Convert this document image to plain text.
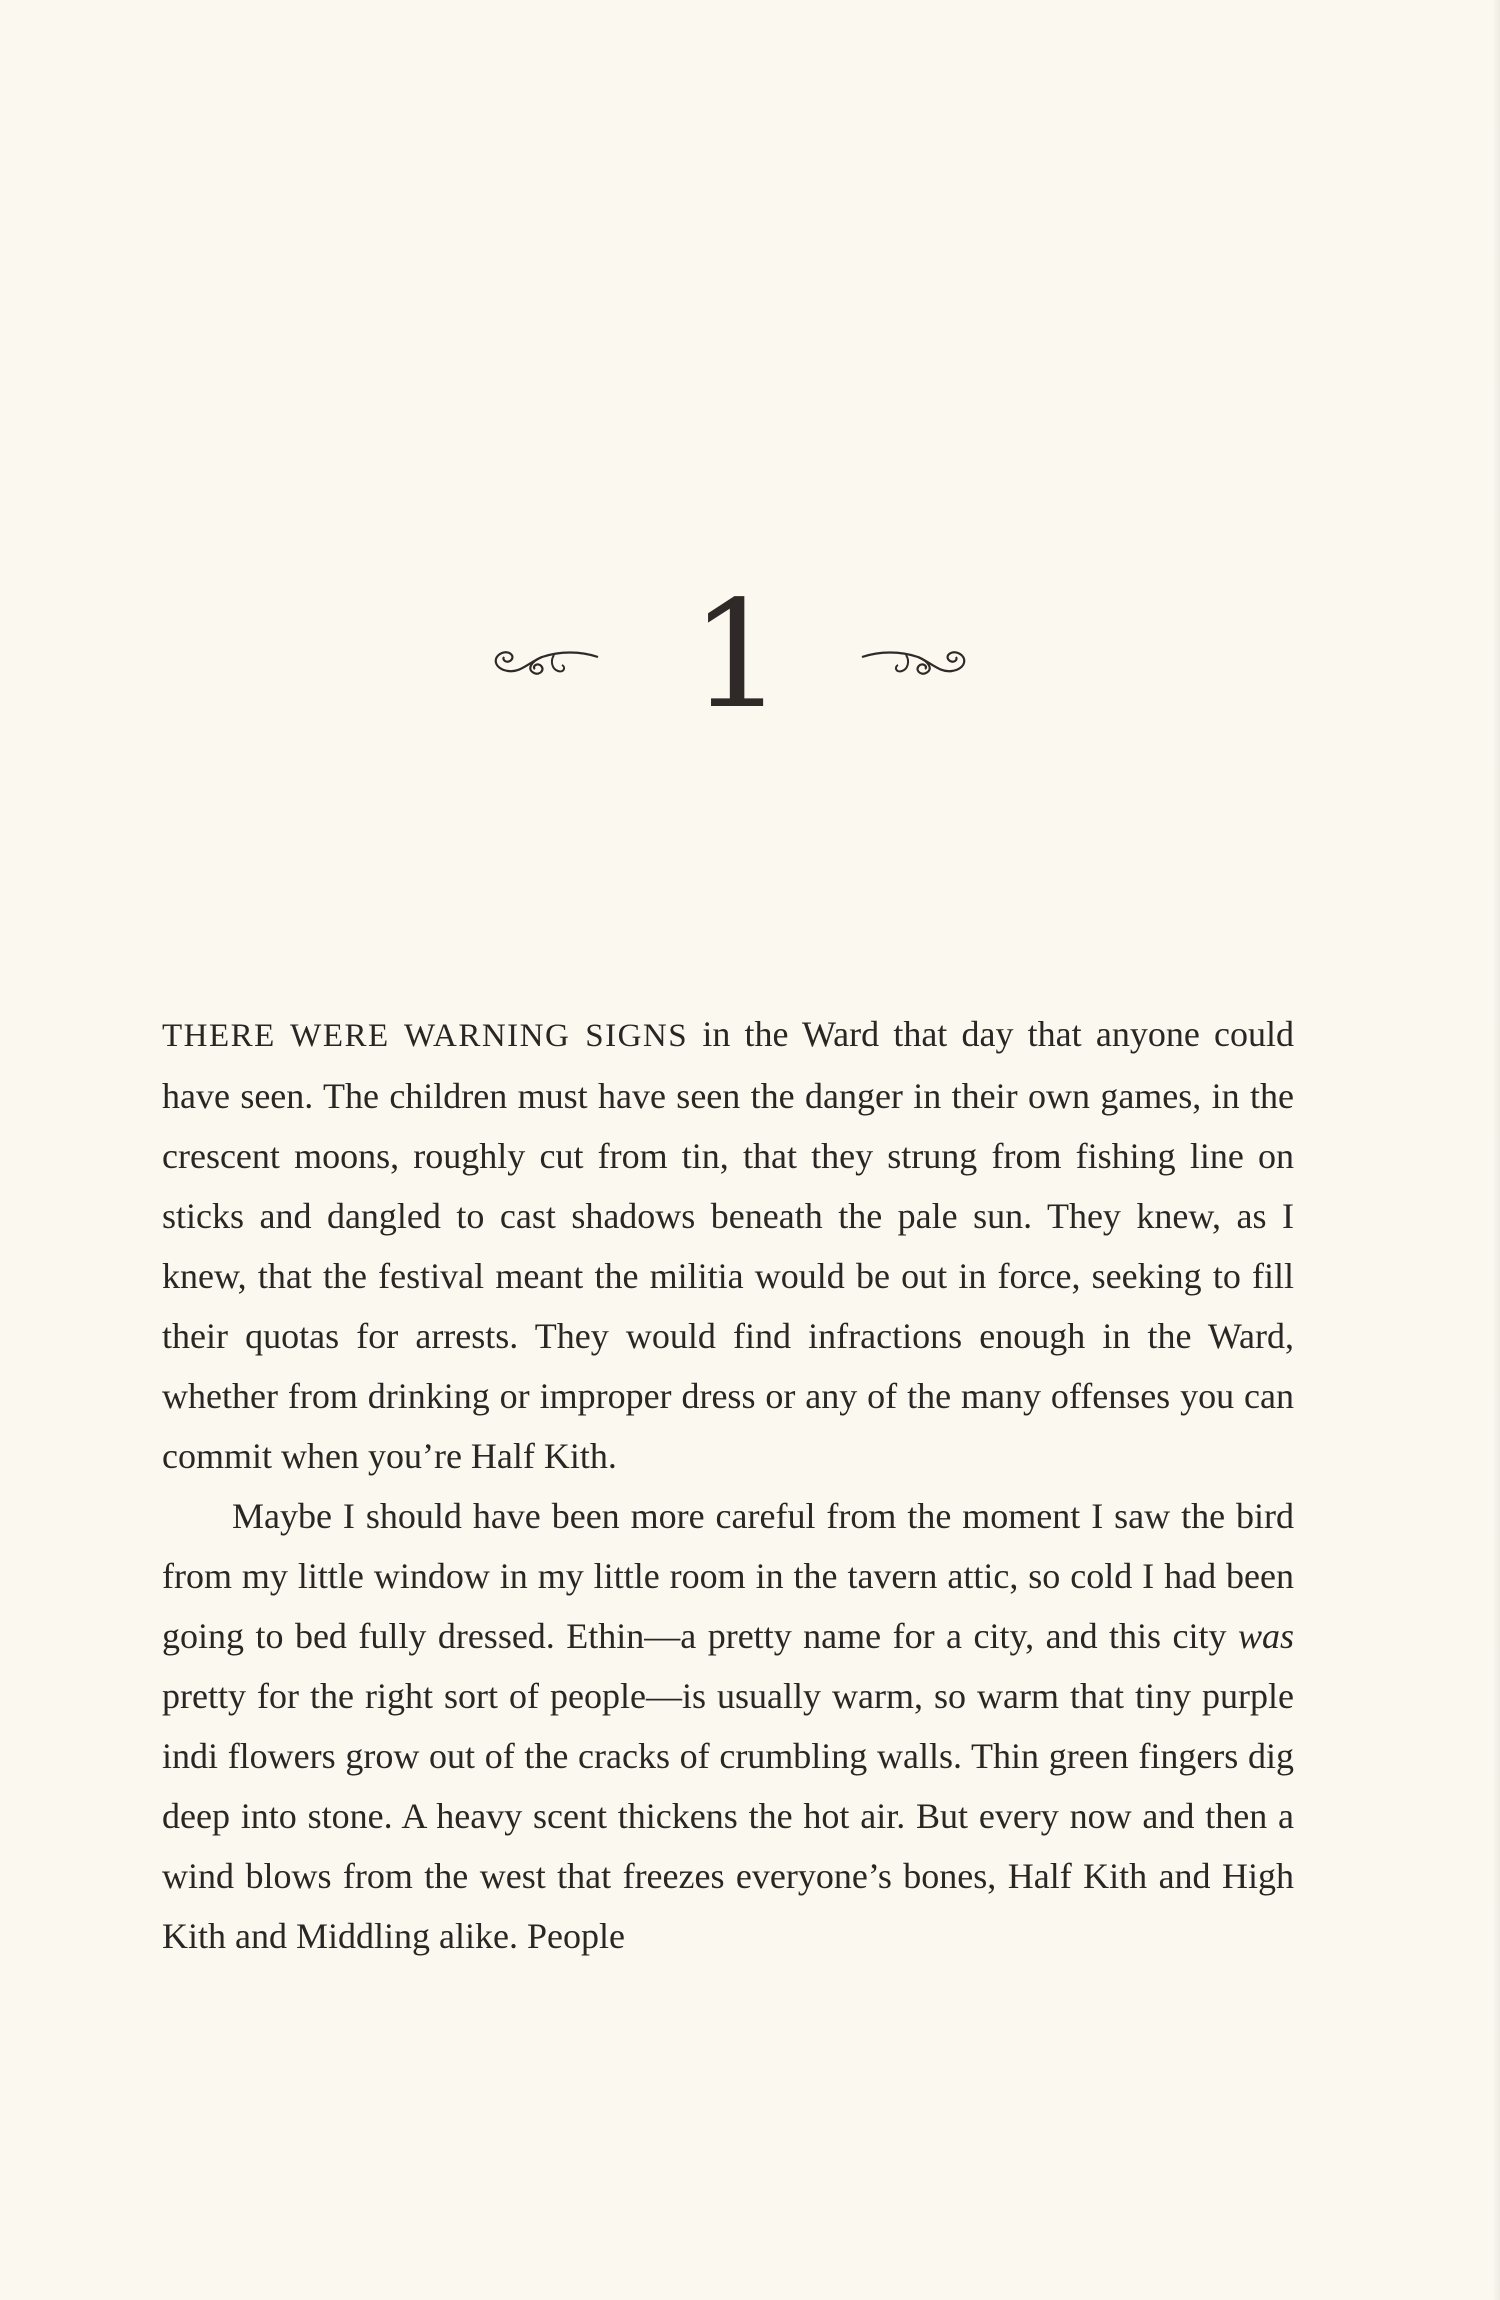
1

THERE WERE WARNING SIGNS in the Ward that day that anyone could have seen. The children must have seen the danger in their own games, in the crescent moons, roughly cut from tin, that they strung from fishing line on sticks and dangled to cast shadows beneath the pale sun. They knew, as I knew, that the festival meant the militia would be out in force, seeking to fill their quotas for arrests. They would find infractions enough in the Ward, whether from drinking or improper dress or any of the many offenses you can commit when you’re Half Kith.

Maybe I should have been more careful from the moment I saw the bird from my little window in my little room in the tavern attic, so cold I had been going to bed fully dressed. Ethin—a pretty name for a city, and this city was pretty for the right sort of people—is usually warm, so warm that tiny purple indi flowers grow out of the cracks of crumbling walls. Thin green fingers dig deep into stone. A heavy scent thickens the hot air. But every now and then a wind blows from the west that freezes everyone’s bones, Half Kith and High Kith and Middling alike. People
